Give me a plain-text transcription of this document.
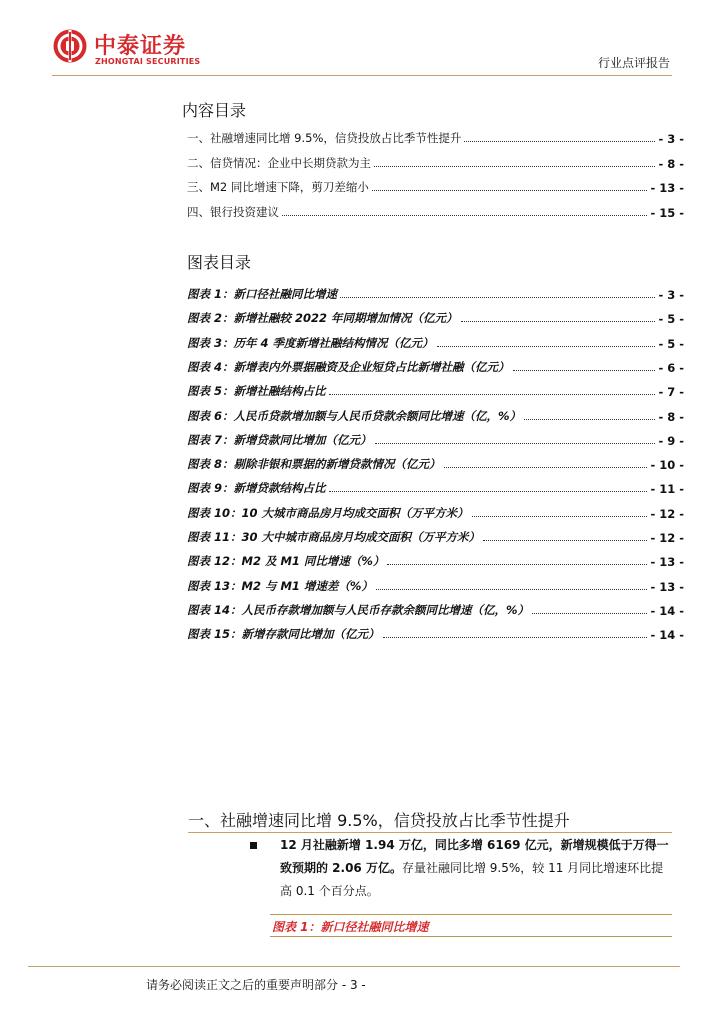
中泰证券
ZHONGTAI SECURITIES	行业点评报告
内容目录
一、社融增速同比增 9.5%，信贷投放占比季节性提升	- 3 -
二、信贷情况：企业中长期贷款为主	- 8 -
三、M2 同比增速下降，剪刀差缩小	- 13 -
四、银行投资建议	- 15 -
图表目录
图表 1：新口径社融同比增速	- 3 -
图表 2：新增社融较 2022 年同期增加情况（亿元）	- 5 -
图表 3：历年 4 季度新增社融结构情况（亿元）	- 5 -
图表 4：新增表内外票据融资及企业短贷占比新增社融（亿元）	- 6 -
图表 5：新增社融结构占比	- 7 -
图表 6：人民币贷款增加额与人民币贷款余额同比增速（亿，%）	- 8 -
图表 7：新增贷款同比增加（亿元）	- 9 -
图表 8：剔除非银和票据的新增贷款情况（亿元）	- 10 -
图表 9：新增贷款结构占比	- 11 -
图表 10：10 大城市商品房月均成交面积（万平方米）	- 12 -
图表 11：30 大中城市商品房月均成交面积（万平方米）	- 12 -
图表 12：M2 及 M1 同比增速（%）	- 13 -
图表 13：M2 与 M1 增速差（%）	- 13 -
图表 14：人民币存款增加额与人民币存款余额同比增速（亿，%）	- 14 -
图表 15：新增存款同比增加（亿元）	- 14 -
一、社融增速同比增 9.5%，信贷投放占比季节性提升
12 月社融新增 1.94 万亿，同比多增 6169 亿元，新增规模低于万得一致预期的 2.06 万亿。存量社融同比增 9.5%，较 11 月同比增速环比提高 0.1 个百分点。
图表 1：新口径社融同比增速
请务必阅读正文之后的重要声明部分 - 3 -
